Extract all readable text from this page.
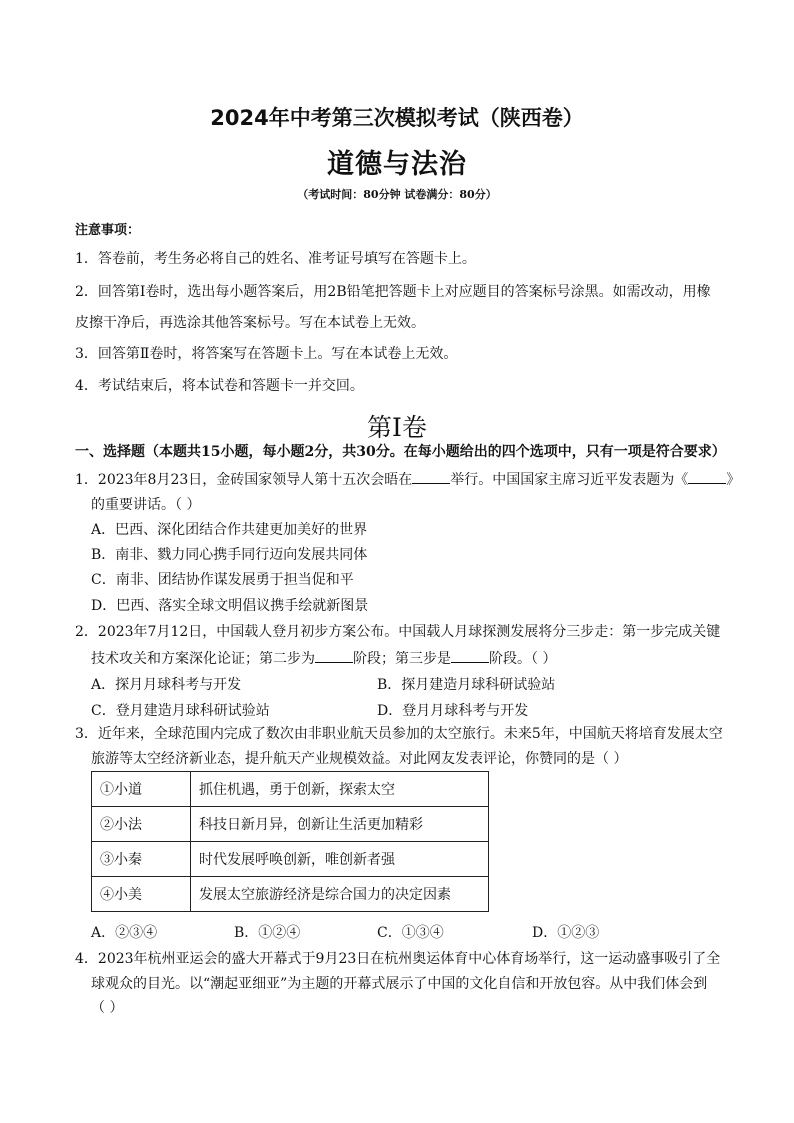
2024年中考第三次模拟考试（陕西卷）
道德与法治
（考试时间：80分钟 试卷满分：80分）
注意事项：
1．答卷前，考生务必将自己的姓名、准考证号填写在答题卡上。
2．回答第Ⅰ卷时，选出每小题答案后，用2B铅笔把答题卡上对应题目的答案标号涂黑。如需改动，用橡
皮擦干净后，再选涂其他答案标号。写在本试卷上无效。
3．回答第Ⅱ卷时，将答案写在答题卡上。写在本试卷上无效。
4．考试结束后，将本试卷和答题卡一并交回。
第Ⅰ卷
一、选择题（本题共15小题，每小题2分，共30分。在每小题给出的四个选项中，只有一项是符合要求）
1．2023年8月23日，金砖国家领导人第十五次会晤在	举行。中国国家主席习近平发表题为《	》
的重要讲话。（ ）
A．巴西、深化团结合作共建更加美好的世界
B．南非、戮力同心携手同行迈向发展共同体
C．南非、团结协作谋发展勇于担当促和平
D．巴西、落实全球文明倡议携手绘就新图景
2．2023年7月12日，中国载人登月初步方案公布。中国载人月球探测发展将分三步走：第一步完成关键
技术攻关和方案深化论证；第二步为	阶段；第三步是	阶段。（ ）
A．探月月球科考与开发	B．探月建造月球科研试验站
C．登月建造月球科研试验站	D．登月月球科考与开发
3．近年来，全球范围内完成了数次由非职业航天员参加的太空旅行。未来5年，中国航天将培育发展太空
旅游等太空经济新业态，提升航天产业规模效益。对此网友发表评论，你赞同的是（ ）
①小道	抓住机遇，勇于创新，探索太空
②小法	科技日新月异，创新让生活更加精彩
③小秦	时代发展呼唤创新，唯创新者强
④小美	发展太空旅游经济是综合国力的决定因素
A．②③④	B．①②④	C．①③④	D．①②③
4．2023年杭州亚运会的盛大开幕式于9月23日在杭州奥运体育中心体育场举行，这一运动盛事吸引了全
球观众的目光。以“潮起亚细亚”为主题的开幕式展示了中国的文化自信和开放包容。从中我们体会到
（ ）
